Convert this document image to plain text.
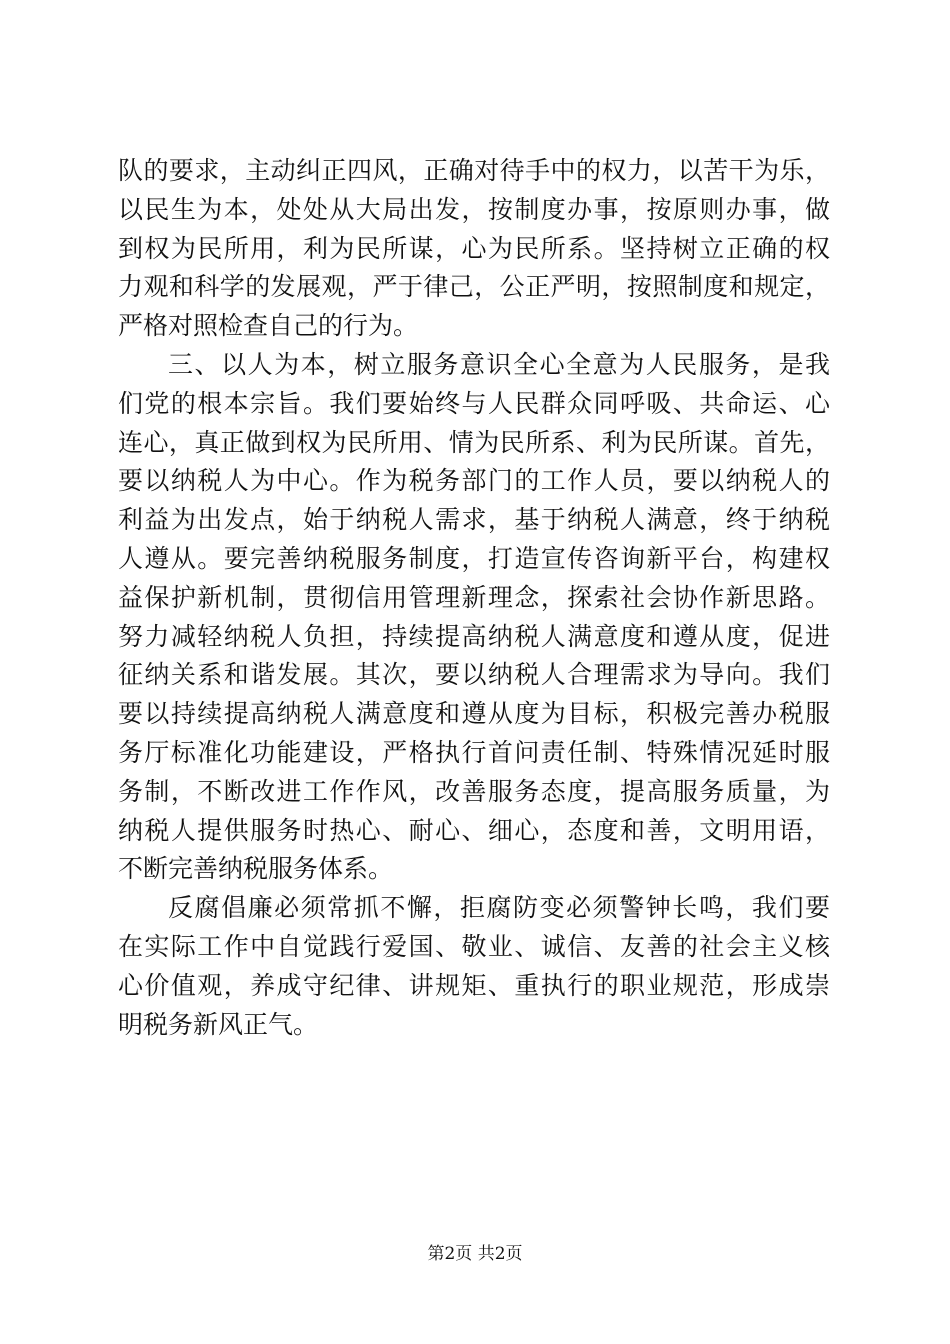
队的要求，主动纠正四风，正确对待手中的权力，以苦干为乐，
以民生为本，处处从大局出发，按制度办事，按原则办事，做
到权为民所用，利为民所谋，心为民所系。坚持树立正确的权
力观和科学的发展观，严于律己，公正严明，按照制度和规定，
严格对照检查自己的行为。
三、以人为本，树立服务意识全心全意为人民服务，是我
们党的根本宗旨。我们要始终与人民群众同呼吸、共命运、心
连心，真正做到权为民所用、情为民所系、利为民所谋。首先，
要以纳税人为中心。作为税务部门的工作人员，要以纳税人的
利益为出发点，始于纳税人需求，基于纳税人满意，终于纳税
人遵从。要完善纳税服务制度，打造宣传咨询新平台，构建权
益保护新机制，贯彻信用管理新理念，探索社会协作新思路。
努力减轻纳税人负担，持续提高纳税人满意度和遵从度，促进
征纳关系和谐发展。其次，要以纳税人合理需求为导向。我们
要以持续提高纳税人满意度和遵从度为目标，积极完善办税服
务厅标准化功能建设，严格执行首问责任制、特殊情况延时服
务制，不断改进工作作风，改善服务态度，提高服务质量，为
纳税人提供服务时热心、耐心、细心，态度和善，文明用语，
不断完善纳税服务体系。
反腐倡廉必须常抓不懈，拒腐防变必须警钟长鸣，我们要
在实际工作中自觉践行爱国、敬业、诚信、友善的社会主义核
心价值观，养成守纪律、讲规矩、重执行的职业规范，形成崇
明税务新风正气。
第2页 共2页
